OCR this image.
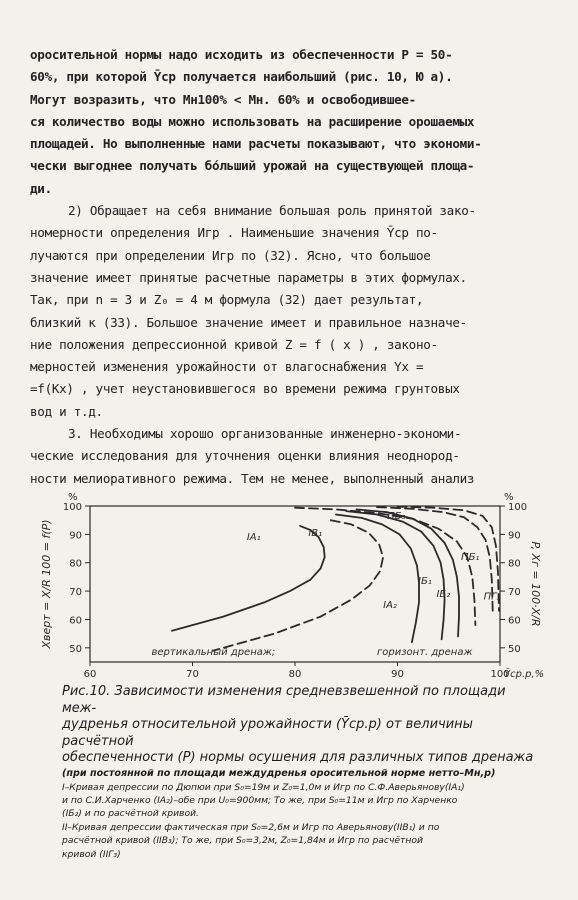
оросительной нормы надо исходить из обеспеченности P = 50-

60%, при которой Ȳср получается наибольший (рис. 10, Ю а).

Могут возразить, что Мн100% < Мн. 60% и освободившее-

ся количество воды можно использовать на расширение орошаемых

площадей. Но выполненные нами расчеты показывают, что экономи-

чески выгоднее получать бо́льший урожай на существующей площа-

ди.

2) Обращает на себя внимание большая роль принятой зако-

номерности определения Игр . Наименьшие значения Ȳср по-

лучаются при определении Игр по (32). Ясно, что большое

значение имеет принятые расчетные параметры в этих формулах.

Так, при n = 3 и Z₀ = 4 м формула (32) дает результат,

близкий к (33). Большое значение имеет и правильное назначе-

ние положения депрессионной кривой Z = f ( x ) , законо-

мерностей изменения урожайности от влагоснабжения Yх =

=f(Kx) , учет неустановившегося во времени режима грунтовых

вод и т.д.

3. Необходимы хорошо организованные инженерно-экономи-

ческие исследования для уточнения оценки влияния неоднород-

ности мелиоративного режима. Тем не менее, выполненный анализ

100
90
80
70
60
50
100
90
80
70
60
50
60	70	80	90	100
%	%
Ȳср.р,%
Xверт = X/R 100 = f(P)	P, Xг = 100·X/R
вертикальный дренаж;	горизонт. дренаж
IA₁	IB₁
IA₂
IБ₁
IБ₂
ΠБ₁
ΠБ₃
ΠΓ₃
Рис.10. Зависимости изменения средневзвешенной по площади меж-
дудренья относительной урожайности (Ȳср.р) от величины расчётной
обеспеченности (Р) нормы осушения для различных типов дренажа
(при постоянной по площади междудренья оросительной норме нетто–Мн,р)
I–Кривая депрессии по Дюпюи при S₀=19м и Z₀=1,0м и Игр по С.Ф.Аверьянову(IА₁)
и по С.И.Харченко (IА₂)–обе при U₀=900мм; То же, при S₀=11м и Игр по Харченко
(IБ₂) и по расчётной кривой.
II–Кривая депрессии фактическая при S₀=2,6м и Игр по Аверьянову(IIВ₁) и по
расчётной кривой (IIВ₃); То же, при S₀=3,2м, Z₀=1,84м и Игр по расчётной
кривой (IIГ₃)
